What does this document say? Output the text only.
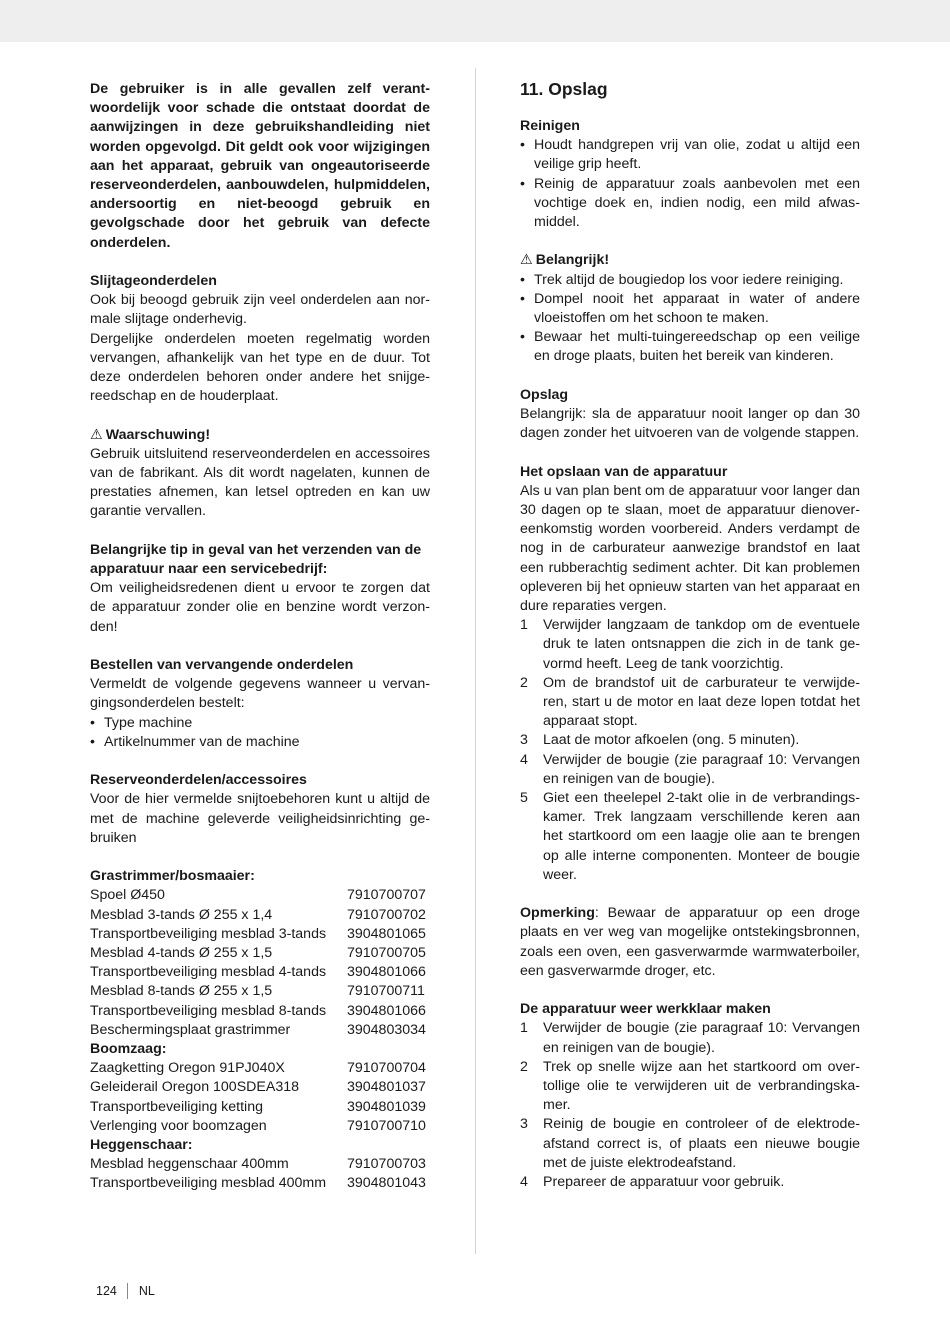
De gebruiker is in alle gevallen zelf verantwoordelijk voor schade die ontstaat doordat de aanwijzingen in deze gebruikshandleiding niet worden opgevolgd. Dit geldt ook voor wijzigingen aan het apparaat, gebruik van ongeautoriseerde reserveonderdelen, aanbouwdelen, hulpmiddelen, andersoortig en niet-beoogd gebruik en gevolgschade door het gebruik van defecte onderdelen.

Slijtageonderdelen

Ook bij beoogd gebruik zijn veel onderdelen aan normale slijtage onderhevig.

Dergelijke onderdelen moeten regelmatig worden vervangen, afhankelijk van het type en de duur. Tot deze onderdelen behoren onder andere het snijgereedschap en de houderplaat.

⚠ Waarschuwing!

Gebruik uitsluitend reserveonderdelen en accessoires van de fabrikant. Als dit wordt nagelaten, kunnen de prestaties afnemen, kan letsel optreden en kan uw garantie vervallen.

Belangrijke tip in geval van het verzenden van de apparatuur naar een servicebedrijf:

Om veiligheidsredenen dient u ervoor te zorgen dat de apparatuur zonder olie en benzine wordt verzonden!

Bestellen van vervangende onderdelen

Vermeldt de volgende gegevens wanneer u vervangingsonderdelen bestelt:

• Type machine
• Artikelnummer van de machine

Reserveonderdelen/accessoires

Voor de hier vermelde snijtoebehoren kunt u altijd de met de machine geleverde veiligheidsinrichting gebruiken

Grastrimmer/bosmaaier:

Spoel Ø450	7910700707
Mesblad 3-tands Ø 255 x 1,4	7910700702
Transportbeveiliging mesblad 3-tands	3904801065
Mesblad 4-tands Ø 255 x 1,5	7910700705
Transportbeveiliging mesblad 4-tands	3904801066
Mesblad 8-tands Ø 255 x 1,5	7910700711
Transportbeveiliging mesblad 8-tands	3904801066
Beschermingsplaat grastrimmer	3904803034

Boomzaag:

Zaagketting Oregon 91PJ040X	7910700704
Geleiderail Oregon 100SDEA318	3904801037
Transportbeveiliging ketting	3904801039
Verlenging voor boomzagen	7910700710

Heggenschaar:

Mesblad heggenschaar 400mm	7910700703
Transportbeveiliging mesblad 400mm	3904801043

11. Opslag

Reinigen

• Houdt handgrepen vrij van olie, zodat u altijd een veilige grip heeft.
• Reinig de apparatuur zoals aanbevolen met een vochtige doek en, indien nodig, een mild afwasmiddel.

⚠ Belangrijk!

• Trek altijd de bougiedop los voor iedere reiniging.
• Dompel nooit het apparaat in water of andere vloeistoffen om het schoon te maken.
• Bewaar het multi-tuingereedschap op een veilige en droge plaats, buiten het bereik van kinderen.

Opslag

Belangrijk: sla de apparatuur nooit langer op dan 30 dagen zonder het uitvoeren van de volgende stappen.

Het opslaan van de apparatuur

Als u van plan bent om de apparatuur voor langer dan 30 dagen op te slaan, moet de apparatuur dienovereenkomstig worden voorbereid. Anders verdampt de nog in de carburateur aanwezige brandstof en laat een rubberachtig sediment achter. Dit kan problemen opleveren bij het opnieuw starten van het apparaat en dure reparaties vergen.

1 Verwijder langzaam de tankdop om de eventuele druk te laten ontsnappen die zich in de tank gevormd heeft. Leeg de tank voorzichtig.
2 Om de brandstof uit de carburateur te verwijderen, start u de motor en laat deze lopen totdat het apparaat stopt.
3 Laat de motor afkoelen (ong. 5 minuten).
4 Verwijder de bougie (zie paragraaf 10: Vervangen en reinigen van de bougie).
5 Giet een theelepel 2-takt olie in de verbrandingskamer. Trek langzaam verschillende keren aan het startkoord om een laagje olie aan te brengen op alle interne componenten. Monteer de bougie weer.

Opmerking: Bewaar de apparatuur op een droge plaats en ver weg van mogelijke ontstekingsbronnen, zoals een oven, een gasverwarmde warmwaterboiler, een gasverwarmde droger, etc.

De apparatuur weer werkklaar maken

1 Verwijder de bougie (zie paragraaf 10: Vervangen en reinigen van de bougie).
2 Trek op snelle wijze aan het startkoord om overtollige olie te verwijderen uit de verbrandingskamer.
3 Reinig de bougie en controleer of de elektrodeafstand correct is, of plaats een nieuwe bougie met de juiste elektrodeafstand.
4 Prepareer de apparatuur voor gebruik.
124 NL
